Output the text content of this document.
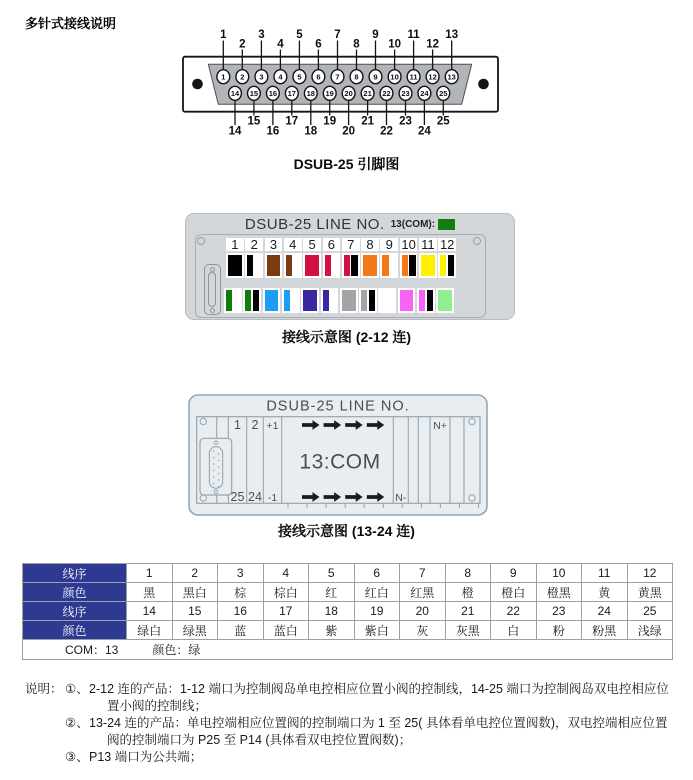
多针式接线说明
1
1
2
2
3
3
4
4
5
5
6
6
7
7
8
8
9
9
10
10
11
11
12
12
13
13
14
14
15
15
16
16
17
17
18
18
19
19
20
20
21
21
22
22
23
23
24
24
25
25
DSUB-25 引脚图
DSUB-25 LINE NO. 13(COM):
1 2 3 4 5 6 7 8 9 10 11 12
接线示意图 (2-12 连)
DSUB-25 LINE NO.
1 2 +1
25 24 -1
N+
N-
13:COM
接线示意图 (13-24 连)
线序	1	2	3	4	5	6	7	8	9	10	11	12
颜色	黑	黑白	棕	棕白	红	红白	红黑	橙	橙白	橙黑	黄	黄黑
线序	14	15	16	17	18	19	20	21	22	23	24	25
颜色	绿白	绿黑	蓝	蓝白	紫	紫白	灰	灰黑	白	粉	粉黑	浅绿
COM：13 颜色：绿												
说明： ①、 2-12 连的产品：1-12 端口为控制阀岛单电控相应位置小阀的控制线，14-25 端口为控制阀岛双电控相应位置小阀的控制线；
②、 13-24 连的产品：单电控端相应位置阀的控制端口为 1 至 25( 具体看单电控位置阀数)，双电控端相应位置阀的控制端口为 P25 至 P14 (具体看双电控位置阀数)；
③、 P13 端口为公共端；
